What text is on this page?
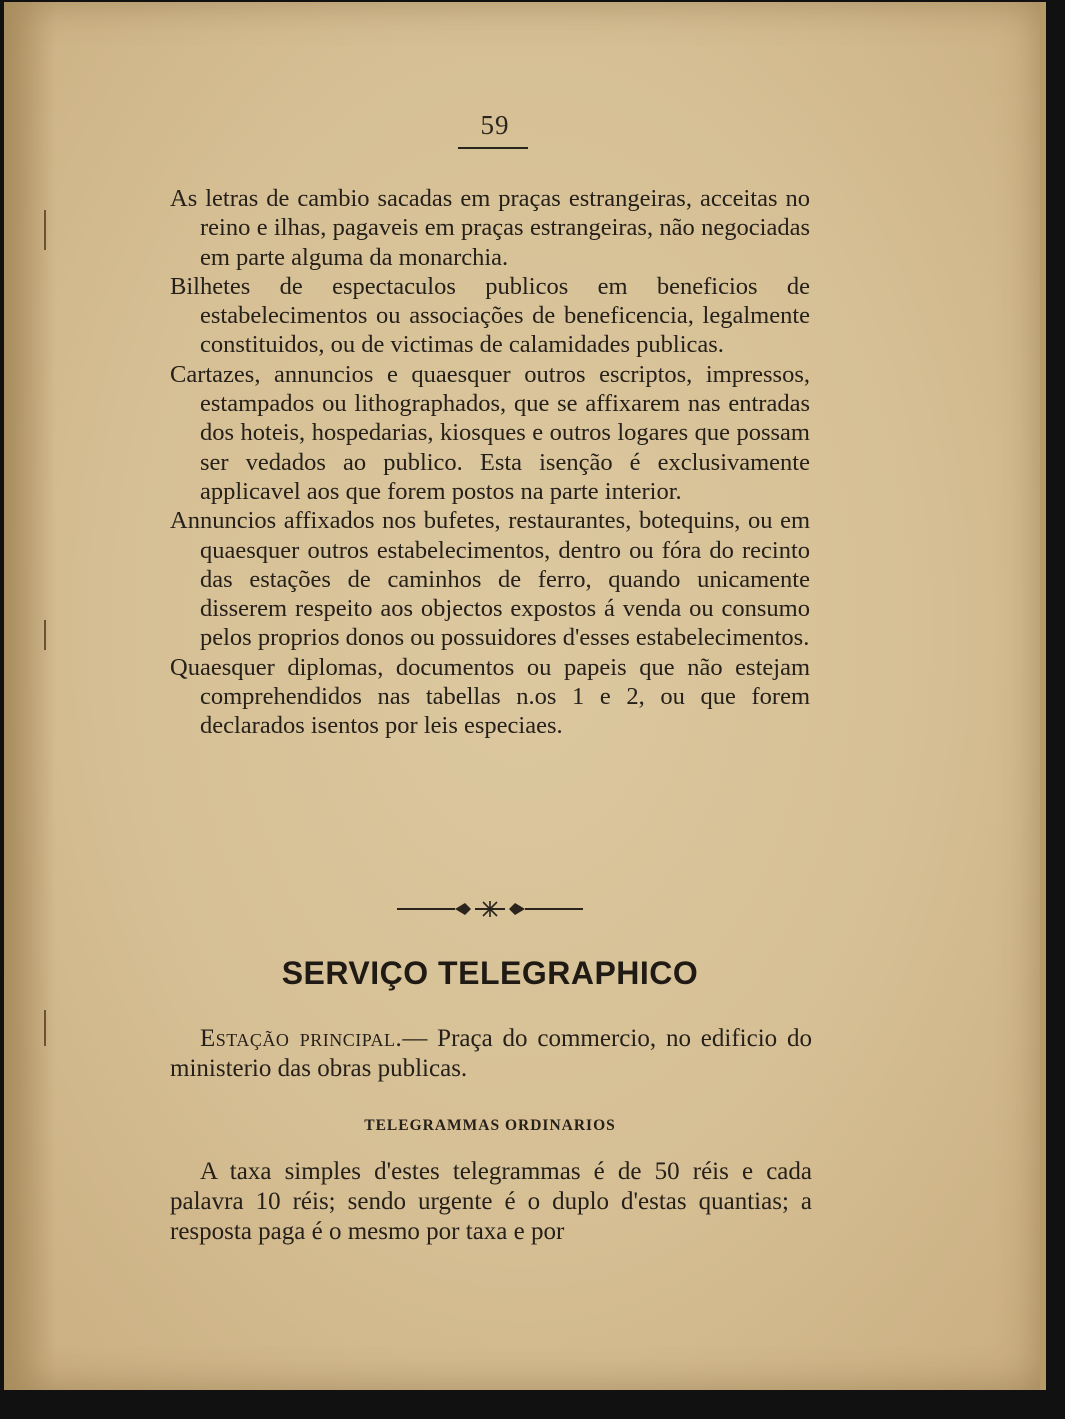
59
As letras de cambio sacadas em praças estrangeiras, acceitas no reino e ilhas, pagaveis em praças estrangeiras, não negociadas em parte alguma da monarchia.
Bilhetes de espectaculos publicos em beneficios de estabelecimentos ou associações de beneficencia, legalmente constituidos, ou de victimas de calamidades publicas.
Cartazes, annuncios e quaesquer outros escriptos, impressos, estampados ou lithographados, que se affixarem nas entradas dos hoteis, hospedarias, kiosques e outros logares que possam ser vedados ao publico. Esta isenção é exclusivamente applicavel aos que forem postos na parte interior.
Annuncios affixados nos bufetes, restaurantes, botequins, ou em quaesquer outros estabelecimentos, dentro ou fóra do recinto das estações de caminhos de ferro, quando unicamente disserem respeito aos objectos expostos á venda ou consumo pelos proprios donos ou possuidores d'esses estabelecimentos.
Quaesquer diplomas, documentos ou papeis que não estejam comprehendidos nas tabellas n.os 1 e 2, ou que forem declarados isentos por leis especiaes.
SERVIÇO TELEGRAPHICO

Estação principal.— Praça do commercio, no edificio do ministerio das obras publicas.

TELEGRAMMAS ORDINARIOS

A taxa simples d'estes telegrammas é de 50 réis e cada palavra 10 réis; sendo urgente é o duplo d'estas quantias; a resposta paga é o mesmo por taxa e por
